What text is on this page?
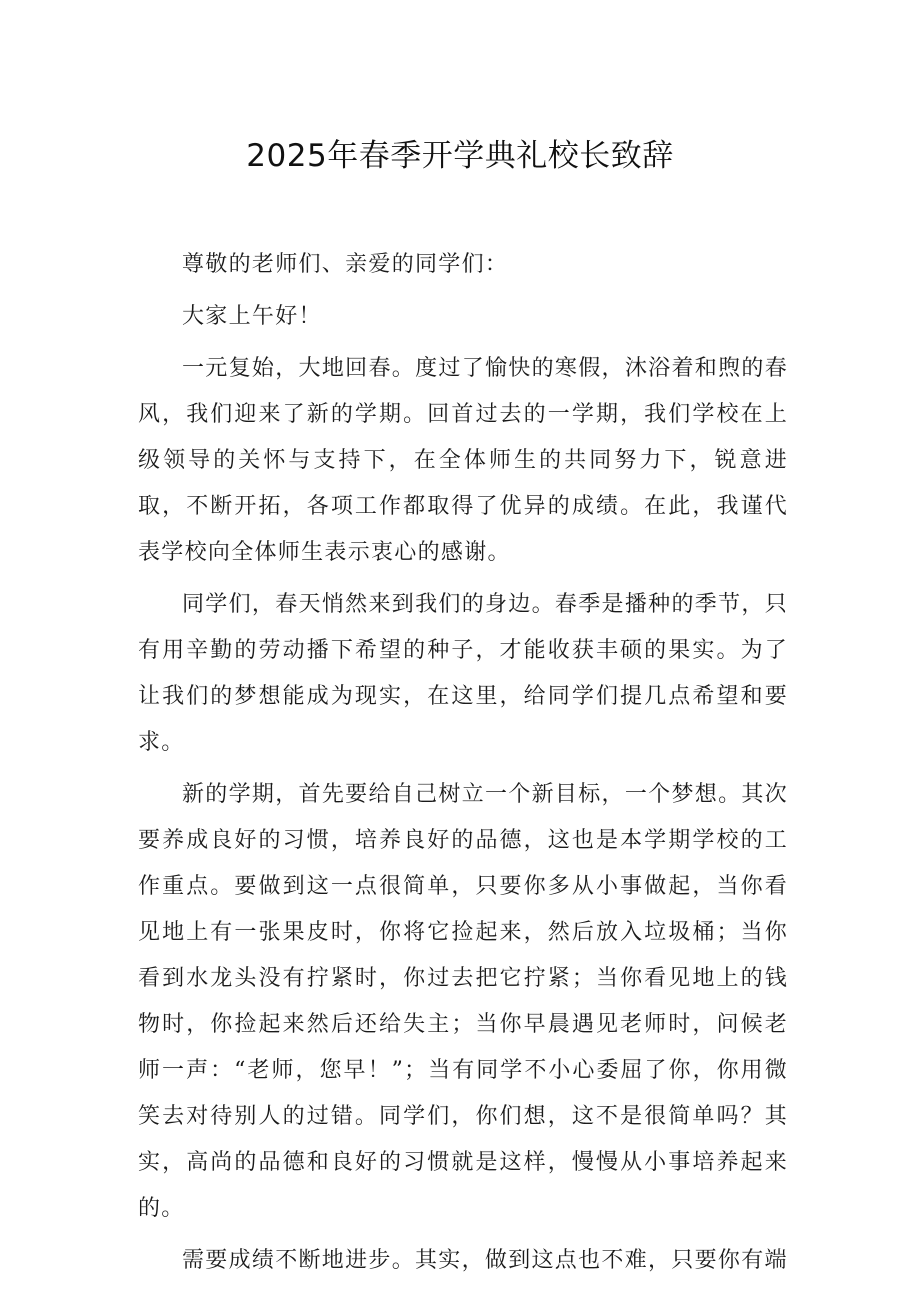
2025年春季开学典礼校长致辞

尊敬的老师们、亲爱的同学们：

大家上午好！

一元复始，大地回春。度过了愉快的寒假，沐浴着和煦的春风，我们迎来了新的学期。回首过去的一学期，我们学校在上级领导的关怀与支持下，在全体师生的共同努力下，锐意进取，不断开拓，各项工作都取得了优异的成绩。在此，我谨代表学校向全体师生表示衷心的感谢。

同学们，春天悄然来到我们的身边。春季是播种的季节，只有用辛勤的劳动播下希望的种子，才能收获丰硕的果实。为了让我们的梦想能成为现实，在这里，给同学们提几点希望和要求。

新的学期，首先要给自己树立一个新目标，一个梦想。其次要养成良好的习惯，培养良好的品德，这也是本学期学校的工作重点。要做到这一点很简单，只要你多从小事做起，当你看见地上有一张果皮时，你将它捡起来，然后放入垃圾桶；当你看到水龙头没有拧紧时，你过去把它拧紧；当你看见地上的钱物时，你捡起来然后还给失主；当你早晨遇见老师时，问候老师一声：“老师，您早！”；当有同学不小心委屈了你，你用微笑去对待别人的过错。同学们，你们想，这不是很简单吗？其实，高尚的品德和良好的习惯就是这样，慢慢从小事培养起来的。

需要成绩不断地进步。其实，做到这点也不难，只要你有端
